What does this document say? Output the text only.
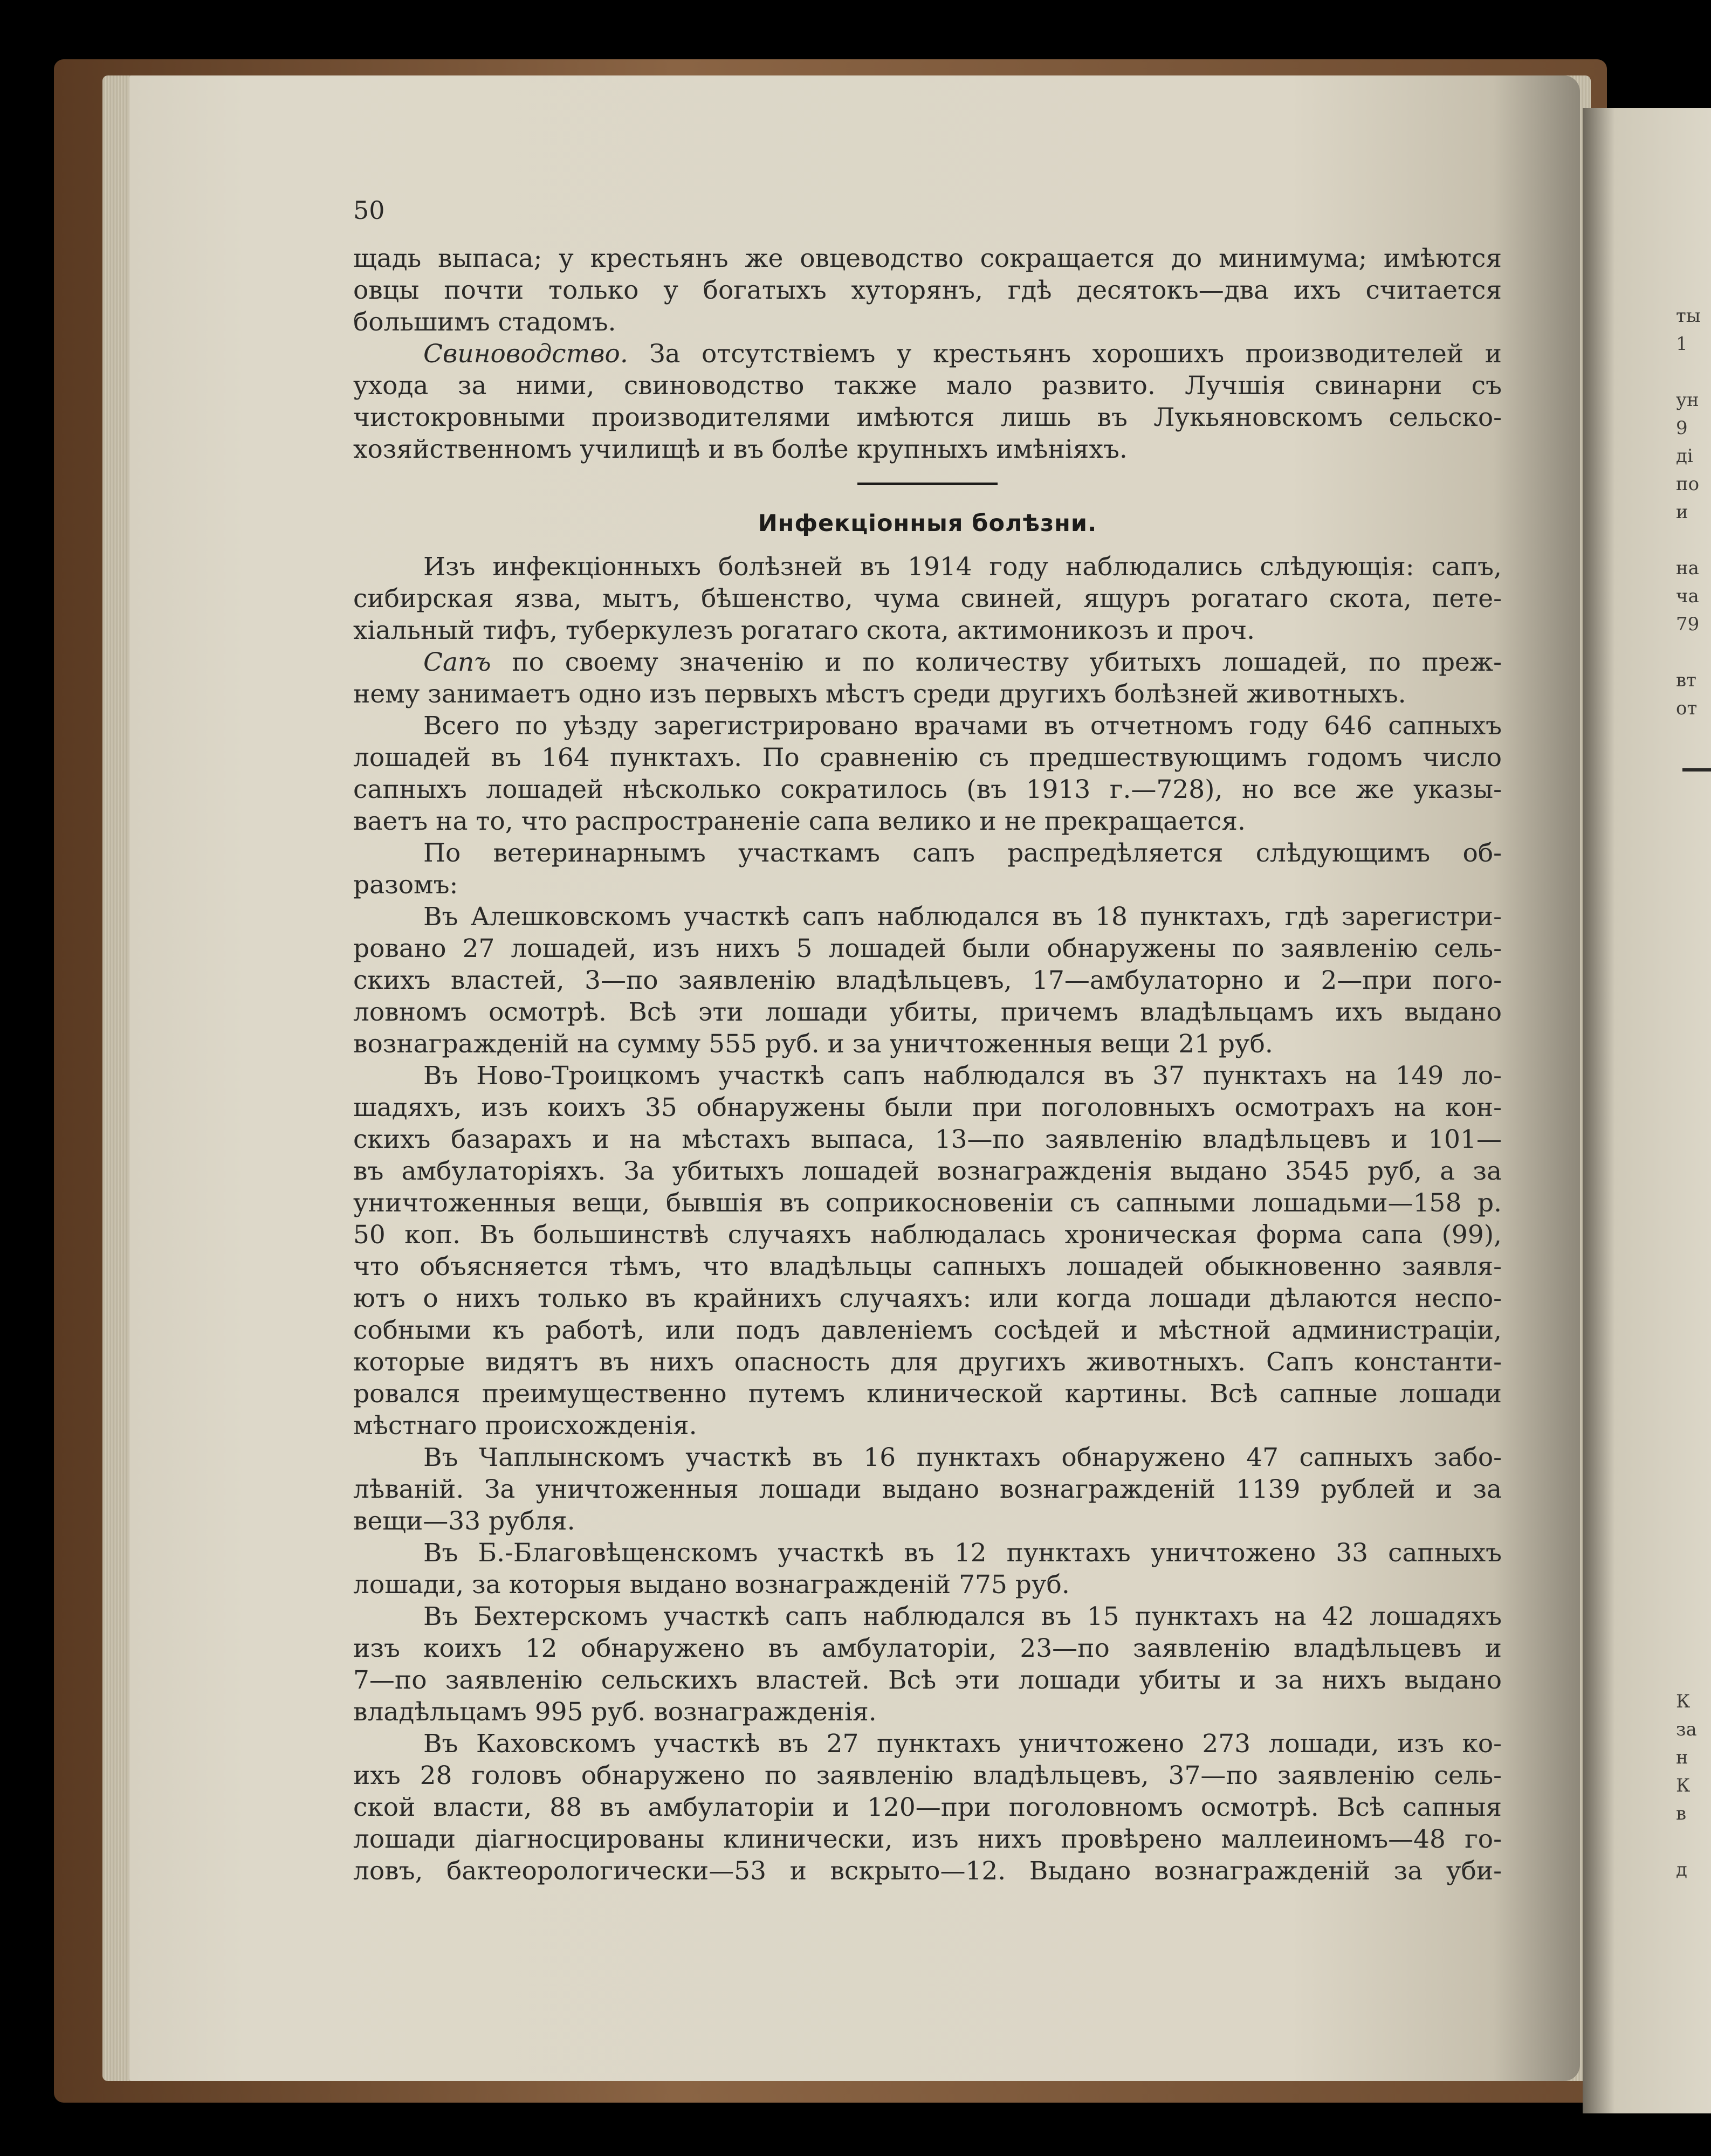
ты
1
ун
9
ді
по
и
на
ча
79
вт
от
К
за
н
К
в
д
50
щадь выпаса; у крестьянъ же овцеводство сокращается до минимума; имѣются
овцы почти только у богатыхъ хуторянъ, гдѣ десятокъ—два ихъ считается
большимъ стадомъ.
Свиноводство. За отсутствіемъ у крестьянъ хорошихъ производителей и
ухода за ними, свиноводство также мало развито. Лучшія свинарни съ
чистокровными производителями имѣются лишь въ Лукьяновскомъ сельско-
хозяйственномъ училищѣ и въ болѣе крупныхъ имѣніяхъ.
Инфекціонныя болѣзни.
Изъ инфекціонныхъ болѣзней въ 1914 году наблюдались слѣдующія: сапъ,
сибирская язва, мытъ, бѣшенство, чума свиней, ящуръ рогатаго скота, пете-
хіальный тифъ, туберкулезъ рогатаго скота, актимоникозъ и проч.
Сапъ по своему значенію и по количеству убитыхъ лошадей, по преж-
нему занимаетъ одно изъ первыхъ мѣстъ среди другихъ болѣзней животныхъ.
Всего по уѣзду зарегистрировано врачами въ отчетномъ году 646 сапныхъ
лошадей въ 164 пунктахъ. По сравненію съ предшествующимъ годомъ число
сапныхъ лошадей нѣсколько сократилось (въ 1913 г.—728), но все же указы-
ваетъ на то, что распространеніе сапа велико и не прекращается.
По ветеринарнымъ участкамъ сапъ распредѣляется слѣдующимъ об-
разомъ:
Въ Алешковскомъ участкѣ сапъ наблюдался въ 18 пунктахъ, гдѣ зарегистри-
ровано 27 лошадей, изъ нихъ 5 лошадей были обнаружены по заявленію сель-
скихъ властей, 3—по заявленію владѣльцевъ, 17—амбулаторно и 2—при пого-
ловномъ осмотрѣ. Всѣ эти лошади убиты, причемъ владѣльцамъ ихъ выдано
вознагражденій на сумму 555 руб. и за уничтоженныя вещи 21 руб.
Въ Ново-Троицкомъ участкѣ сапъ наблюдался въ 37 пунктахъ на 149 ло-
шадяхъ, изъ коихъ 35 обнаружены были при поголовныхъ осмотрахъ на кон-
скихъ базарахъ и на мѣстахъ выпаса, 13—по заявленію владѣльцевъ и 101—
въ амбулаторіяхъ. За убитыхъ лошадей вознагражденія выдано 3545 руб, а за
уничтоженныя вещи, бывшія въ соприкосновеніи съ сапными лошадьми—158 р.
50 коп. Въ большинствѣ случаяхъ наблюдалась хроническая форма сапа (99),
что объясняется тѣмъ, что владѣльцы сапныхъ лошадей обыкновенно заявля-
ютъ о нихъ только въ крайнихъ случаяхъ: или когда лошади дѣлаются неспо-
собными къ работѣ, или подъ давленіемъ сосѣдей и мѣстной администраціи,
которые видятъ въ нихъ опасность для другихъ животныхъ. Сапъ константи-
ровался преимущественно путемъ клинической картины. Всѣ сапные лошади
мѣстнаго происхожденія.
Въ Чаплынскомъ участкѣ въ 16 пунктахъ обнаружено 47 сапныхъ забо-
лѣваній. За уничтоженныя лошади выдано вознагражденій 1139 рублей и за
вещи—33 рубля.
Въ Б.-Благовѣщенскомъ участкѣ въ 12 пунктахъ уничтожено 33 сапныхъ
лошади, за которыя выдано вознагражденій 775 руб.
Въ Бехтерскомъ участкѣ сапъ наблюдался въ 15 пунктахъ на 42 лошадяхъ
изъ коихъ 12 обнаружено въ амбулаторіи, 23—по заявленію владѣльцевъ и
7—по заявленію сельскихъ властей. Всѣ эти лошади убиты и за нихъ выдано
владѣльцамъ 995 руб. вознагражденія.
Въ Каховскомъ участкѣ въ 27 пунктахъ уничтожено 273 лошади, изъ ко-
ихъ 28 головъ обнаружено по заявленію владѣльцевъ, 37—по заявленію сель-
ской власти, 88 въ амбулаторіи и 120—при поголовномъ осмотрѣ. Всѣ сапныя
лошади діагносцированы клинически, изъ нихъ провѣрено маллеиномъ—48 го-
ловъ, бактеорологически—53 и вскрыто—12. Выдано вознагражденій за уби-
